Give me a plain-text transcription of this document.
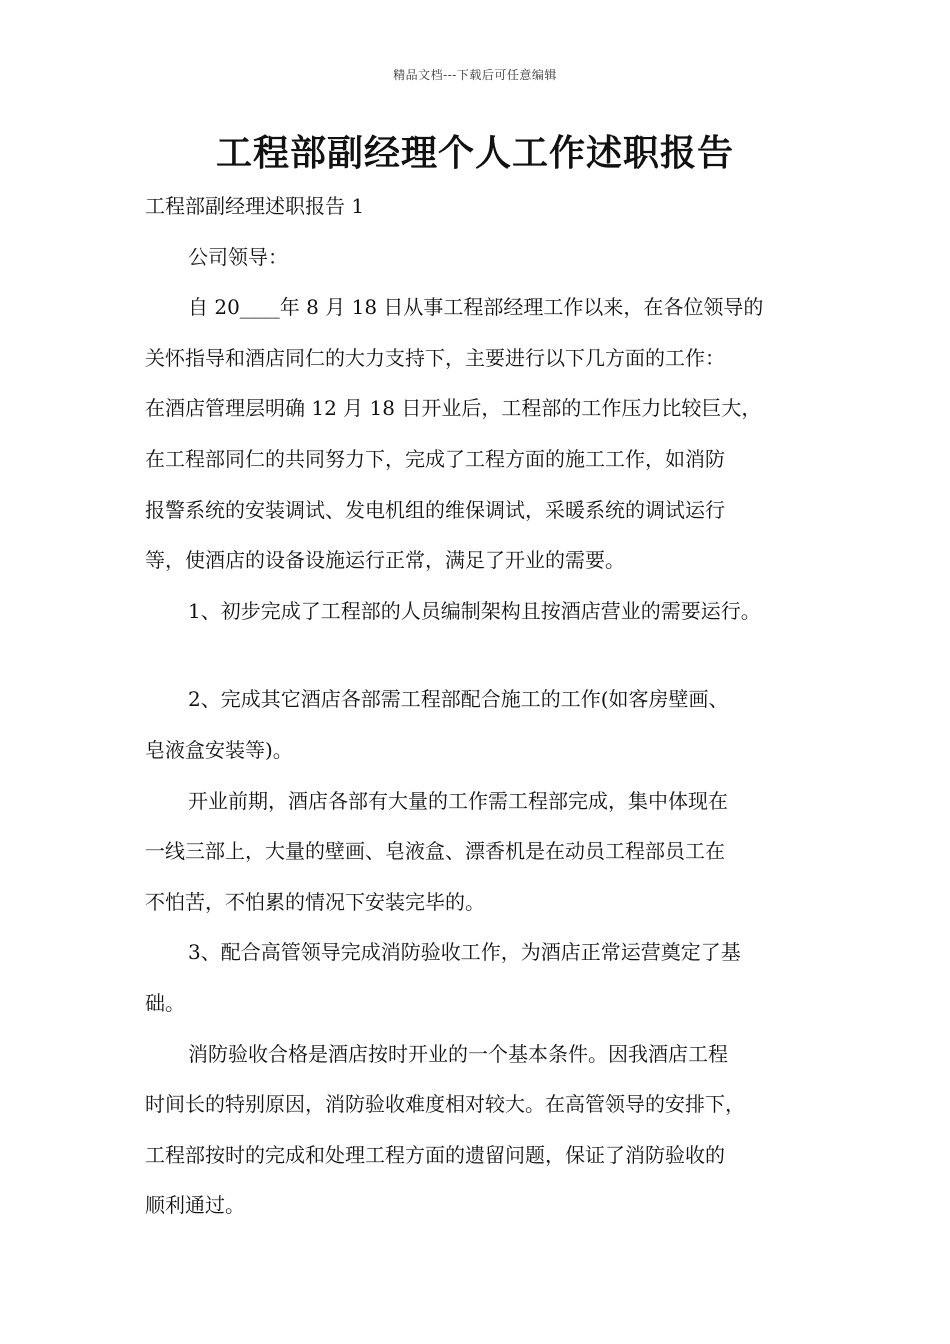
精品文档---下载后可任意编辑
工程部副经理个人工作述职报告
工程部副经理述职报告 1
公司领导：
自 20____年 8 月 18 日从事工程部经理工作以来，在各位领导的
关怀指导和酒店同仁的大力支持下，主要进行以下几方面的工作：
在酒店管理层明确 12 月 18 日开业后，工程部的工作压力比较巨大，
在工程部同仁的共同努力下，完成了工程方面的施工工作，如消防
报警系统的安装调试、发电机组的维保调试，采暖系统的调试运行
等，使酒店的设备设施运行正常，满足了开业的需要。
1、初步完成了工程部的人员编制架构且按酒店营业的需要运行。
2、完成其它酒店各部需工程部配合施工的工作(如客房壁画、
皂液盒安装等)。
开业前期，酒店各部有大量的工作需工程部完成，集中体现在
一线三部上，大量的壁画、皂液盒、漂香机是在动员工程部员工在
不怕苦，不怕累的情况下安装完毕的。
3、配合高管领导完成消防验收工作，为酒店正常运营奠定了基
础。
消防验收合格是酒店按时开业的一个基本条件。因我酒店工程
时间长的特别原因，消防验收难度相对较大。在高管领导的安排下，
工程部按时的完成和处理工程方面的遗留问题，保证了消防验收的
顺利通过。
